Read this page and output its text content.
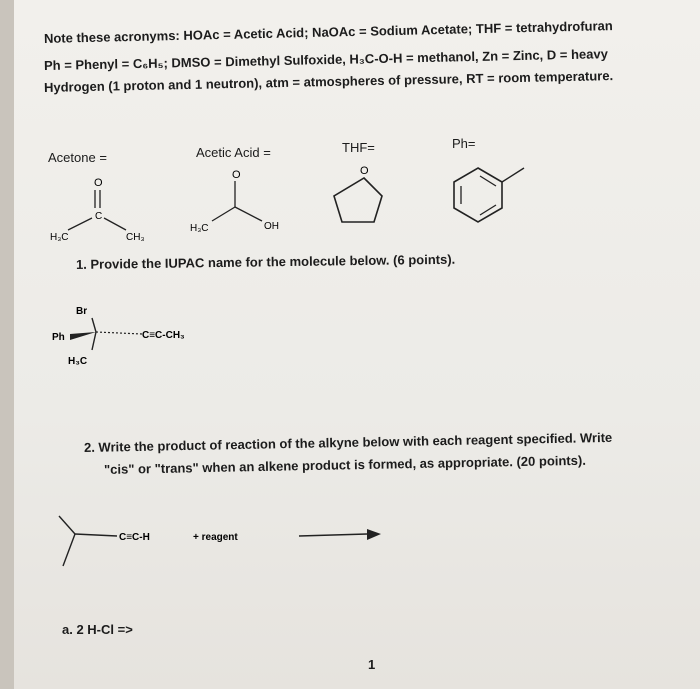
Note these acronyms: HOAc = Acetic Acid; NaOAc = Sodium Acetate; THF = tetrahydrofuran
Ph = Phenyl = C₆H₅; DMSO = Dimethyl Sulfoxide, H₃C-O-H = methanol, Zn = Zinc, D = heavy
Hydrogen (1 proton and 1 neutron), atm = atmospheres of pressure, RT = room temperature.
Acetone =	Acetic Acid =	THF=	Ph=
O
C
H₃C	CH₃
O
H₃C	OH
O
1. Provide the IUPAC name for the molecule below. (6 points).
Br
Ph
H₃C
C≡C-CH₃
2. Write the product of reaction of the alkyne below with each reagent specified. Write
"cis" or "trans" when an alkene product is formed, as appropriate. (20 points).
C≡C-H	+ reagent
a. 2 H-Cl =>
1
